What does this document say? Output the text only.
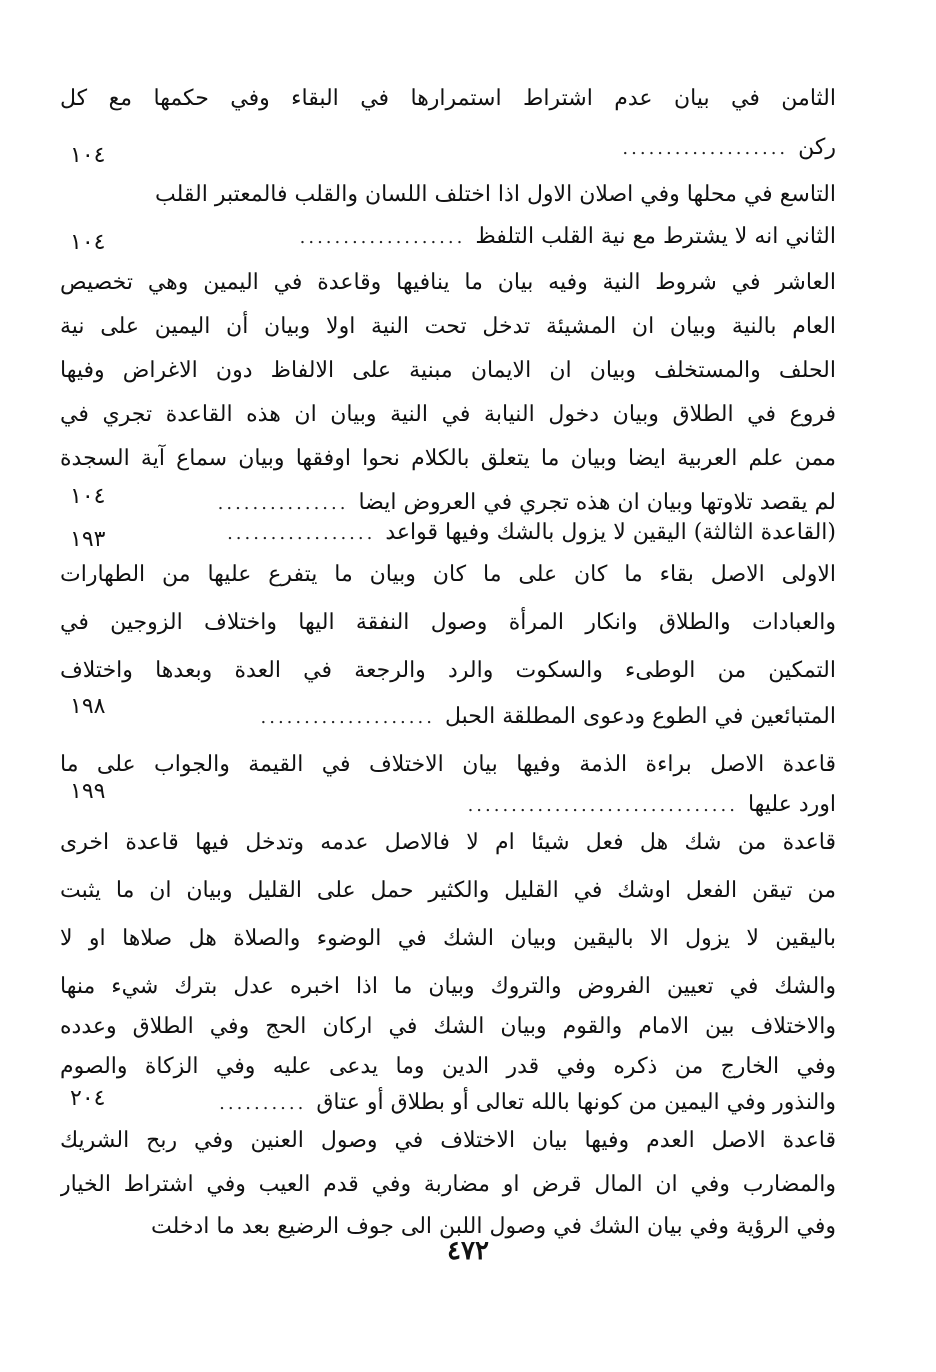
الثامن في بيان عدم اشتراط استمرارها في البقاء وفي حكمها مع كل
ركن
...................
١٠٤
التاسع في محلها وفي اصلان الاول اذا اختلف اللسان والقلب فالمعتبر القلب
الثاني انه لا يشترط مع نية القلب التلفظ
...................
١٠٤
العاشر في شروط النية وفيه بيان ما ينافيها وقاعدة في اليمين وهي تخصيص
العام بالنية وبيان ان المشيئة تدخل تحت النية اولا وبيان أن اليمين على نية
الحلف والمستخلف وبيان ان الايمان مبنية على الالفاظ دون الاغراض وفيها
فروع في الطلاق وبيان دخول النيابة في النية وبيان ان هذه القاعدة تجري في
ممن علم العربية ايضا وبيان ما يتعلق بالكلام نحوا اوفقها وبيان سماع آية السجدة
لم يقصد تلاوتها وبيان ان هذه تجري في العروض ايضا
...............
١٠٤
(القاعدة الثالثة) اليقين لا يزول بالشك وفيها قواعد
.................
١٩٣
الاولى الاصل بقاء ما كان على ما كان وبيان ما يتفرع عليها من الطهارات
والعبادات والطلاق وانكار المرأة وصول النفقة اليها واختلاف الزوجين في
التمكين من الوطىء والسكوت والرد والرجعة في العدة وبعدها واختلاف
المتبائعين في الطوع ودعوى المطلقة الحبل
....................
١٩٨
قاعدة الاصل براءة الذمة وفيها بيان الاختلاف في القيمة والجواب على ما
اورد عليها
...............................
١٩٩
قاعدة من شك هل فعل شيئا ام لا فالاصل عدمه وتدخل فيها قاعدة اخرى
من تيقن الفعل اوشك في القليل والكثير حمل على القليل وبيان ان ما يثبت
باليقين لا يزول الا باليقين وبيان الشك في الوضوء والصلاة هل صلاها او لا
والشك في تعيين الفروض والتروك وبيان ما اذا اخبره عدل بترك شيء منها
والاختلاف بين الامام والقوم وبيان الشك في اركان الحج وفي الطلاق وعدده
وفي الخارج من ذكره وفي قدر الدين وما يدعى عليه وفي الزكاة والصوم
والنذور وفي اليمين من كونها بالله تعالى أو بطلاق أو عتاق
..........
٢٠٤
قاعدة الاصل العدم وفيها بيان الاختلاف في وصول العنين وفي ربح الشريك
والمضارب وفي ان المال قرض او مضاربة وفي قدم العيب وفي اشتراط الخيار
وفي الرؤية وفي بيان الشك في وصول اللبن الى جوف الرضيع بعد ما ادخلت
٤٧٢
